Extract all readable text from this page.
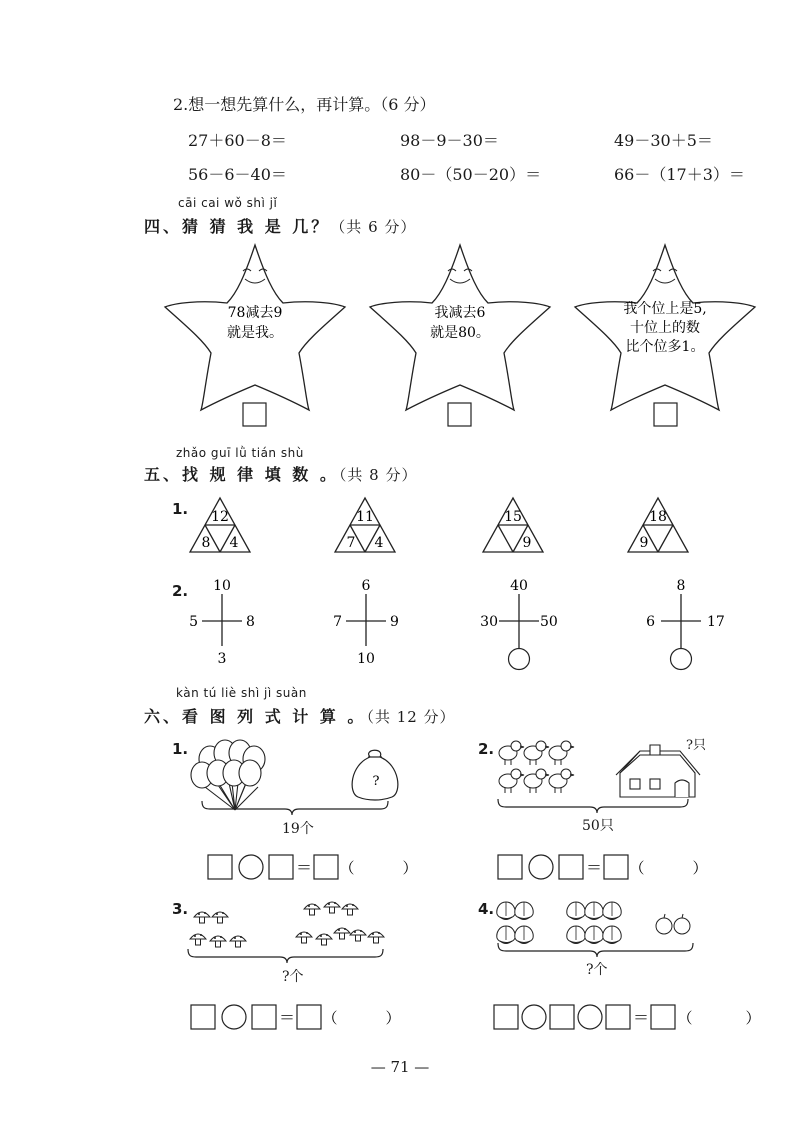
2.想一想先算什么，再计算。（6 分）
27＋60－8＝	98－9－30＝	49－30＋5＝
56－6－40＝	80－（50－20）＝	66－（17＋3）＝
cāi cai wǒ shì jǐ
四、猜 猜 我 是 几？（共 6 分）
78减去9
就是我。
我减去6
就是80。
我个位上是5,
十位上的数
比个位多1。
zhǎo guī lǜ tián shù
五、找 规 律 填 数 。（共 8 分）
1. 12
8 4
11
7 4
15
9
18
9
2. 10
5	8
3
6
7	9
10
40
30	50
8
6	17
kàn tú liè shì jì suàn
六、看 图 列 式 计 算 。（共 12 分）
1.
?
19个
＝ （	）
2.	?只
50只
＝ （	）
3.
?个
＝ （	）
4.
?个
＝ （	）
— 71 —
